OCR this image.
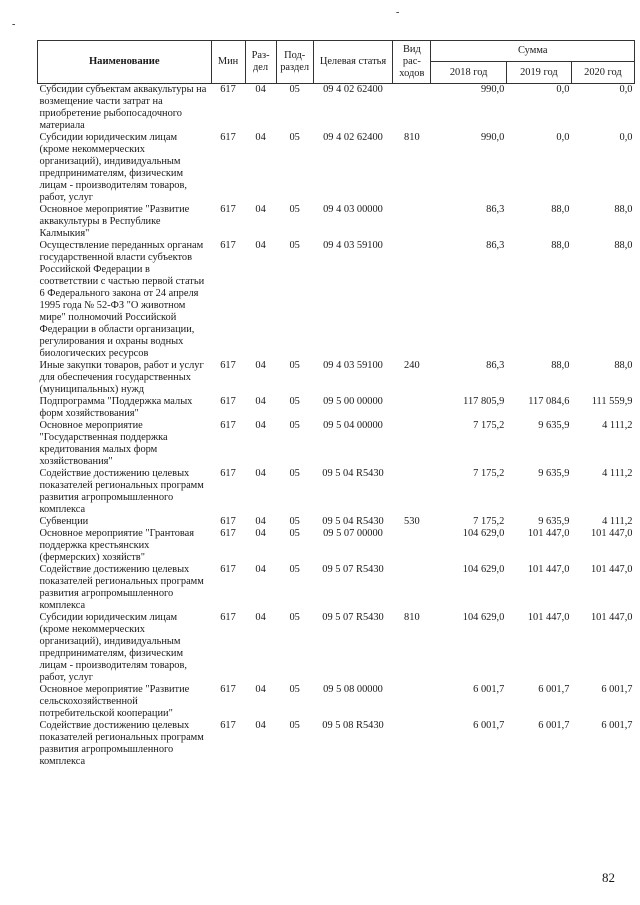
-
-
Наименование	Мин	Раз-дел	Под-раздел	Целевая статья	Вид рас-ходов	Сумма		
						2018 год	2019 год	2020 год
Субсидии субъектам аквакультуры на возмещение части затрат на приобретение рыбопосадочного материала	617	04	05	09 4 02 62400		990,0	0,0	0,0
Субсидии юридическим лицам (кроме некоммерческих организаций), индивидуальным предпринимателям, физическим лицам - производителям товаров, работ, услуг	617	04	05	09 4 02 62400	810	990,0	0,0	0,0
Основное мероприятие "Развитие аквакультуры в Республике Калмыкия"	617	04	05	09 4 03 00000		86,3	88,0	88,0
Осуществление переданных органам государственной власти субъектов Российской Федерации в соответствии с частью первой статьи 6 Федерального закона от 24 апреля 1995 года № 52-ФЗ "О животном мире" полномочий Российской Федерации в области организации, регулирования и охраны водных биологических ресурсов	617	04	05	09 4 03 59100		86,3	88,0	88,0
Иные закупки товаров, работ и услуг для обеспечения государственных (муниципальных) нужд	617	04	05	09 4 03 59100	240	86,3	88,0	88,0
Подпрограмма "Поддержка малых форм хозяйствования"	617	04	05	09 5 00 00000		117 805,9	117 084,6	111 559,9
Основное мероприятие "Государственная поддержка кредитования малых форм хозяйствования"	617	04	05	09 5 04 00000		7 175,2	9 635,9	4 111,2
Содействие достижению целевых показателей региональных программ развития агропромышленного комплекса	617	04	05	09 5 04 R5430		7 175,2	9 635,9	4 111,2
Субвенции	617	04	05	09 5 04 R5430	530	7 175,2	9 635,9	4 111,2
Основное мероприятие "Грантовая поддержка крестьянских (фермерских) хозяйств"	617	04	05	09 5 07 00000		104 629,0	101 447,0	101 447,0
Содействие достижению целевых показателей региональных программ развития агропромышленного комплекса	617	04	05	09 5 07 R5430		104 629,0	101 447,0	101 447,0
Субсидии юридическим лицам (кроме некоммерческих организаций), индивидуальным предпринимателям, физическим лицам - производителям товаров, работ, услуг	617	04	05	09 5 07 R5430	810	104 629,0	101 447,0	101 447,0
Основное мероприятие "Развитие сельскохозяйственной потребительской кооперации"	617	04	05	09 5 08 00000		6 001,7	6 001,7	6 001,7
Содействие достижению целевых показателей региональных программ развития агропромышленного комплекса	617	04	05	09 5 08 R5430		6 001,7	6 001,7	6 001,7
82
